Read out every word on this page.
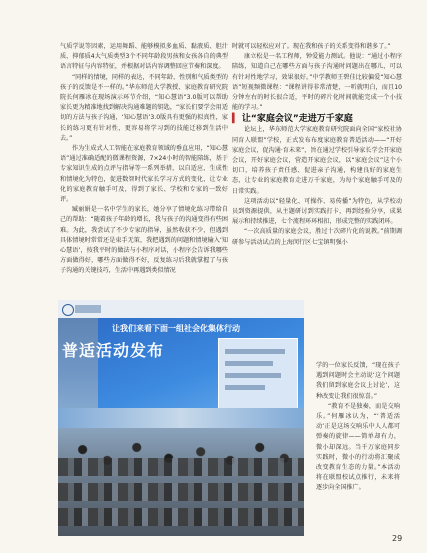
气质学说等因素，运用舞蹈、能够模拟多血质、黏液质、胆汁质、抑郁质4大气质类型3个不同年龄段男孩和女孩各自的典型语言特征与内容特征，并根据对话内容调整回应节奏和深度。

“同样的情境，同样的表达，不同年龄、性别和气质类型的孩子的反馈是不一样的。”华东师范大学教授、家庭教育研究院院长何雁冰在现场演示环节介绍，“知心慧语”3.0版可以帮助家长更为精准地找到解决沟通难题的钥匙，“家长们要学会用适切的方法与孩子沟通，‘知心慧语’3.0版具有更强的拟真性，家长的练习更有针对性，更容易将学习到的技能迁移到生活中去。”

作为生成式人工智能在家庭教育领域的垂直应用，“知心慧语”通过准确适配的微课程资源，7×24小时的智能陪练，基于专家知识生成的点评与指导等一系列举措，以自适应、生成性和情境化为特色，促进数智时代家长学习方式的变化，让专业化的家庭教育触手可及，得到了家长、学校和专家的一致好评。

臧丽娟是一名中学生的家长，她分享了情境化练习带给自己的帮助：“随着孩子年龄的增长，我与孩子的沟通变得有些困难。为此，我尝试了不少专家的指导，虽然收获不少，但遇到具体情境时常常还是束手无策，我把遇到的问题和情境输入‘知心慧语’，按我平时的做法与小程序对话，小程序会告诉我哪些方面做得好，哪些方面做得不好，反复练习后我就掌握了与孩子沟通的关键技巧，生活中再遇到类似情况

时就可以轻松应对了。现在我和孩子的关系变得和谐多了。”

康立松是一名工程师，钟爱能力测试。他说：“通过小程序陪练，知道自己在哪些方面与孩子沟通时问题出在哪儿，可以有针对性地学习，效果很好。”中学教师王碧佳比较偏爱“知心慧语”短视频微课程：“课程讲得非常清楚，一听就明白，而且10分钟左右的时长很合适，平时的碎片化时间就能完成一个小技能的学习。”

▍ 让“家庭会议”走进万千家庭

论坛上，华东师范大学家庭教育研究院面向全国“家校社协同育人联盟”学校，正式发布布度家庭教育普适活动——“开好家庭会议，促沟通·育未来”，旨在通过学校引导家长学会开家庭会议，开好家庭会议，营造开家庭会议，以“家庭会议”这个小切口，培养孩子责任感、促进亲子沟通，构建良好的家庭生态，让专业的家庭教育走进万千家庭，为每个家庭触手可及的日常实践。

这项活动以“轻量化、可操作、易传播”为特色，从学校动员到资源提供，从主题研讨到实践打卡，再到经验分享，成果展示和持续推进，七个流程环环相扣，形成完整的实践闭环。

“一次高质量的家庭会议，胜过十次碎片化的说教。”前期调研参与活动试点的上海闵行区七宝镇明强小

让我们来看下面一组社会化集体行动
普适活动发布

学的一位家长反馈，“现在孩子遇到问题时会主动说‘这个问题我们留到家庭会议上讨论’，这种改变让我们很惊喜。”

“教育不是独奏，而是交响乐。”何雁冰认为，“‘普适活动’正是这场交响乐中人人都可弹奏的旋律——简单却有力，微小却深远。当千万家庭同步实践时，微小的行动将汇聚成改变教育生态的力量。”本活动将在联盟校试点推行，未来将逐步向全国推广。

29
